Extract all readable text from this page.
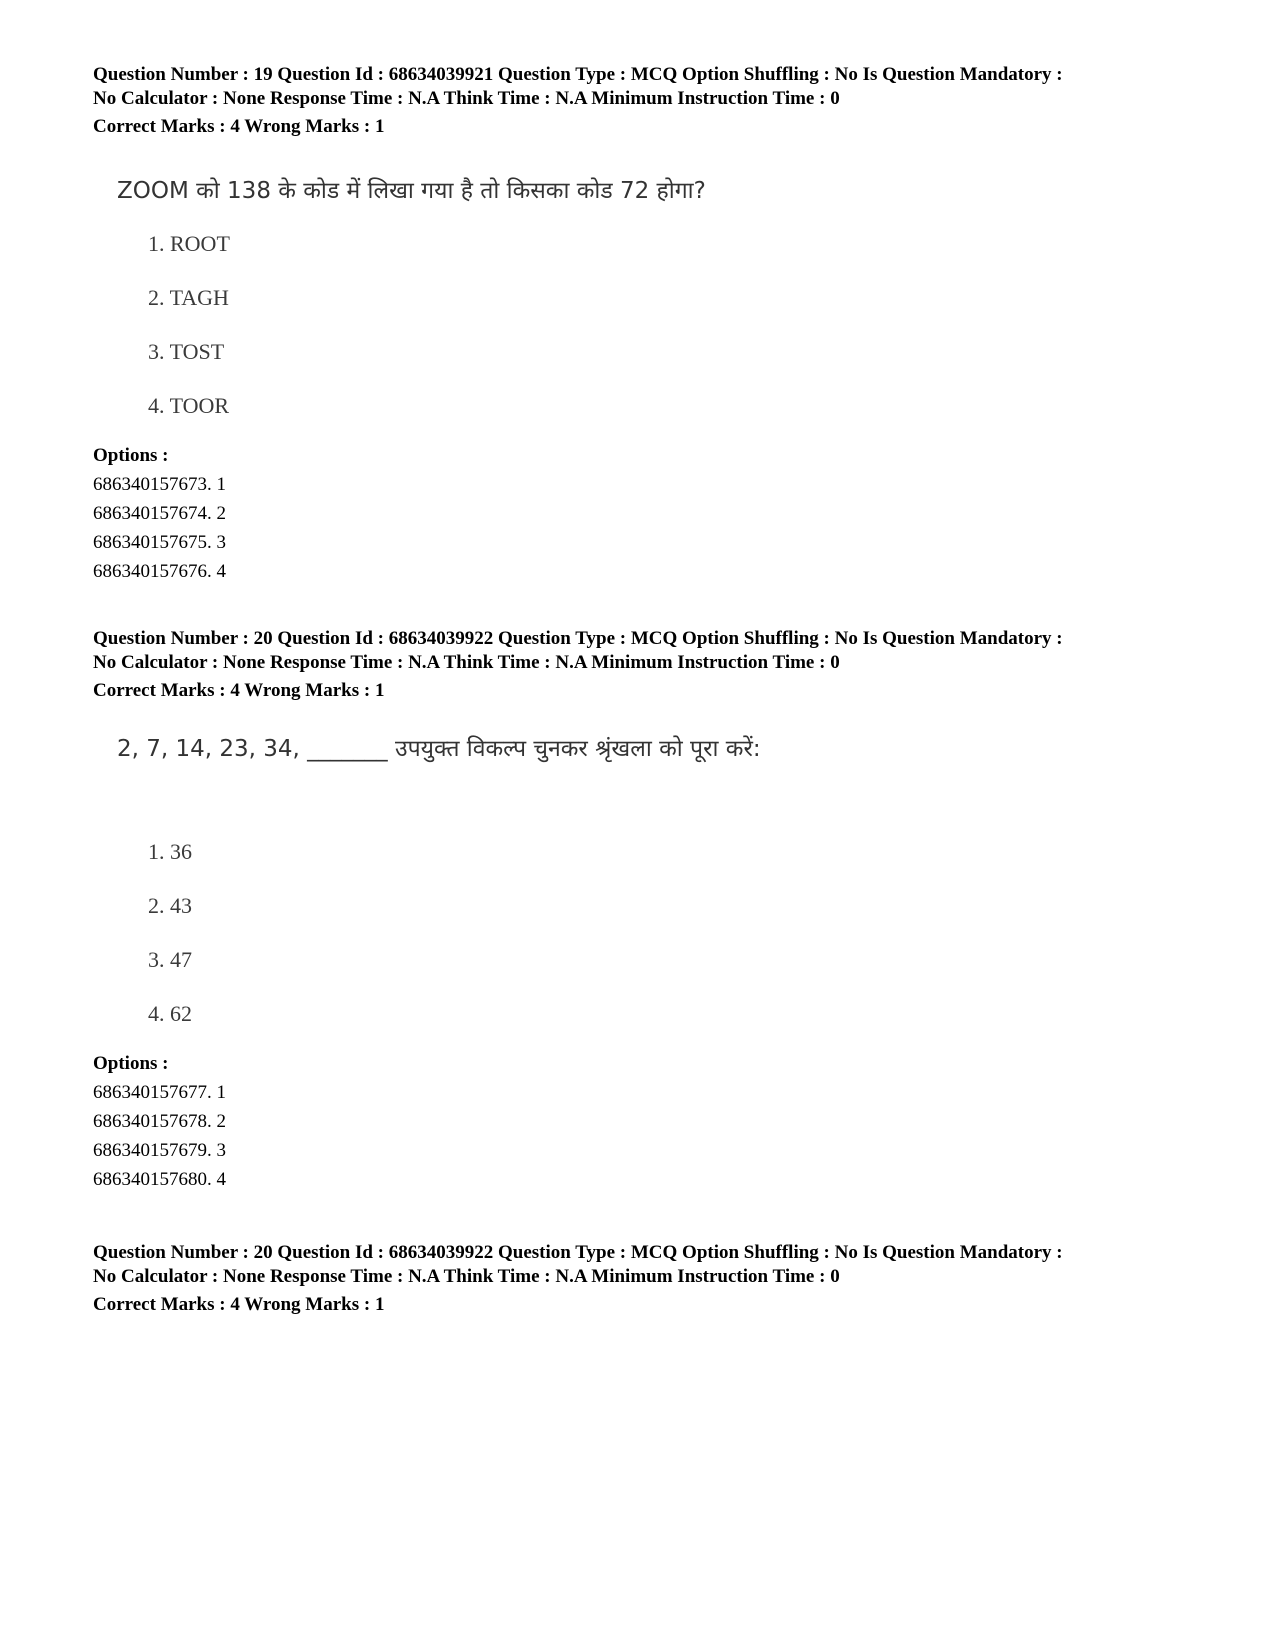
Question Number : 19 Question Id : 68634039921 Question Type : MCQ Option Shuffling : No Is Question Mandatory :

No Calculator : None Response Time : N.A Think Time : N.A Minimum Instruction Time : 0

Correct Marks : 4 Wrong Marks : 1
ZOOM को 138 के कोड में लिखा गया है तो किसका कोड 72 होगा?
1. ROOT
2. TAGH
3. TOST
4. TOOR
Options :
686340157673. 1
686340157674. 2
686340157675. 3
686340157676. 4

Question Number : 20 Question Id : 68634039922 Question Type : MCQ Option Shuffling : No Is Question Mandatory :

No Calculator : None Response Time : N.A Think Time : N.A Minimum Instruction Time : 0

Correct Marks : 4 Wrong Marks : 1
2, 7, 14, 23, 34, _______ उपयुक्त विकल्प चुनकर श्रृंखला को पूरा करें:
1. 36
2. 43
3. 47
4. 62
Options :
686340157677. 1
686340157678. 2
686340157679. 3
686340157680. 4

Question Number : 20 Question Id : 68634039922 Question Type : MCQ Option Shuffling : No Is Question Mandatory :

No Calculator : None Response Time : N.A Think Time : N.A Minimum Instruction Time : 0

Correct Marks : 4 Wrong Marks : 1
